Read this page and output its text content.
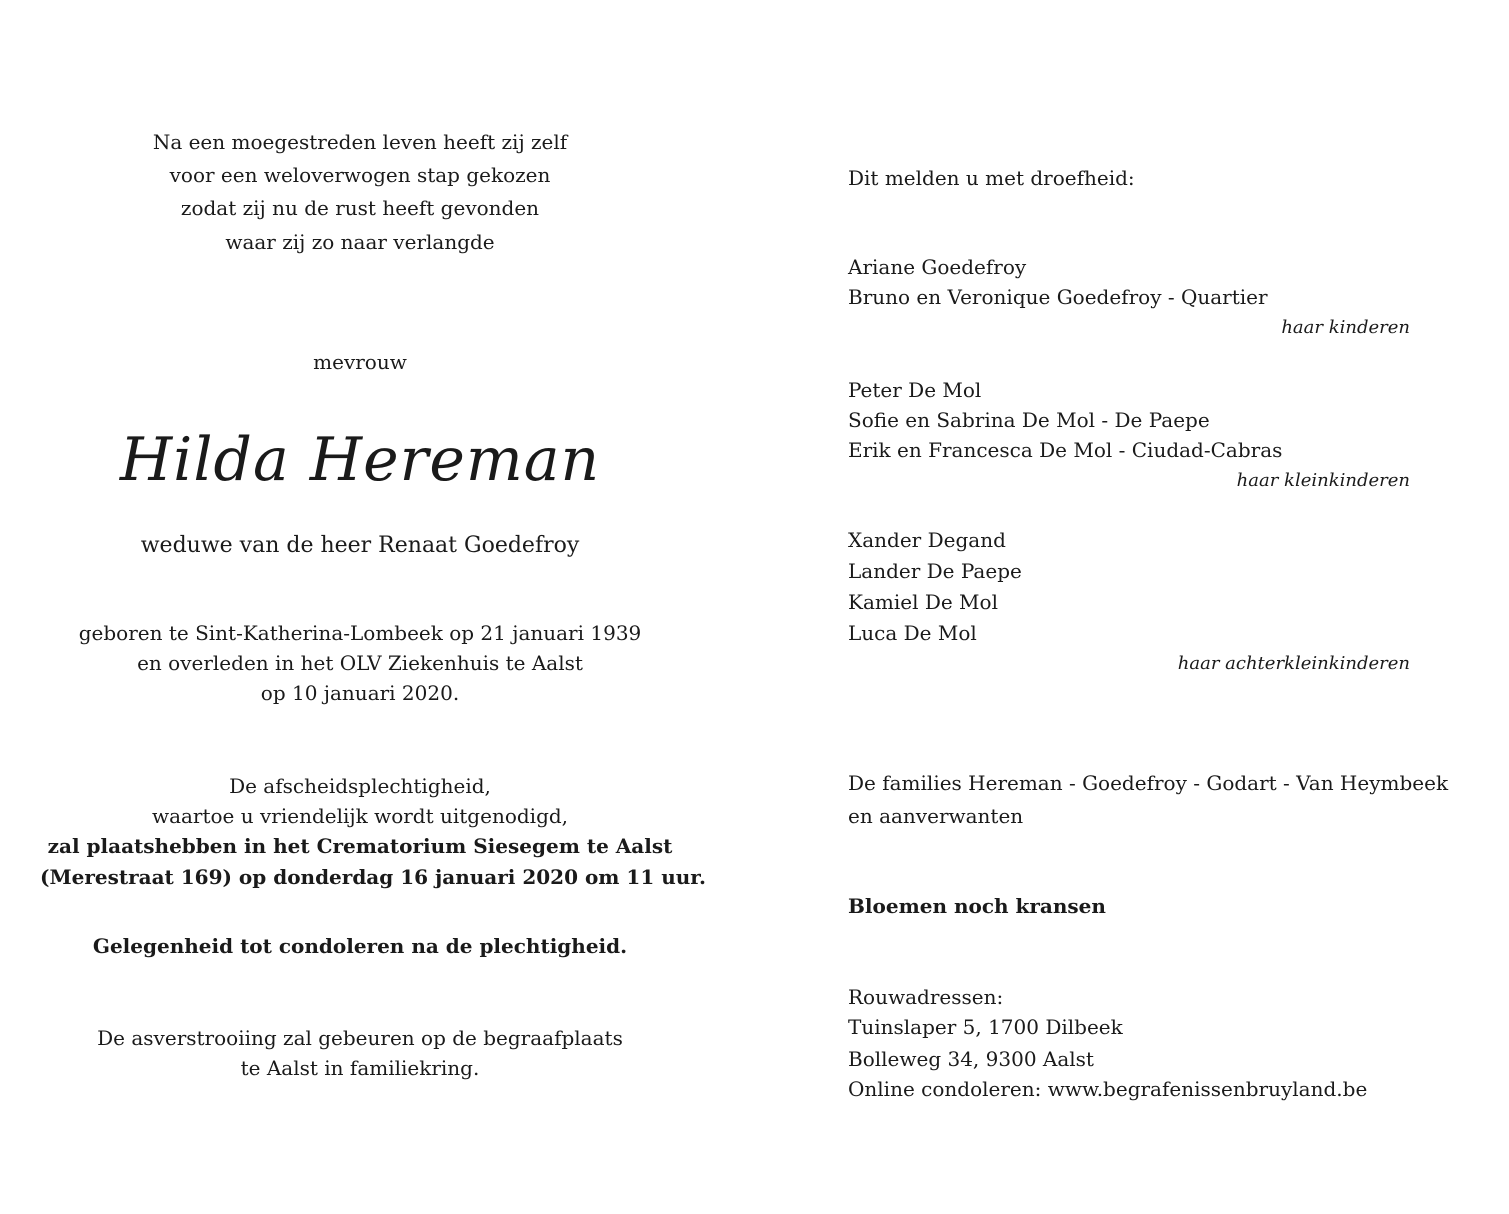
Na een moegestreden leven heeft zij zelf
voor een weloverwogen stap gekozen
zodat zij nu de rust heeft gevonden
waar zij zo naar verlangde
mevrouw
Hilda Hereman
weduwe van de heer Renaat Goedefroy
geboren te Sint-Katherina-Lombeek op 21 januari 1939
en overleden in het OLV Ziekenhuis te Aalst
op 10 januari 2020.
De afscheidsplechtigheid,
waartoe u vriendelijk wordt uitgenodigd,
zal plaatshebben in het Crematorium Siesegem te Aalst
(Merestraat 169) op donderdag 16 januari 2020 om 11 uur.
Gelegenheid tot condoleren na de plechtigheid.
De asverstrooiing zal gebeuren op de begraafplaats
te Aalst in familiekring.
Dit melden u met droefheid:
Ariane Goedefroy
Bruno en Veronique Goedefroy - Quartier
haar kinderen
Peter De Mol
Sofie en Sabrina De Mol - De Paepe
Erik en Francesca De Mol - Ciudad-Cabras
haar kleinkinderen
Xander Degand
Lander De Paepe
Kamiel De Mol
Luca De Mol
haar achterkleinkinderen
De families Hereman - Goedefroy - Godart - Van Heymbeek
en aanverwanten
Bloemen noch kransen
Rouwadressen:
Tuinslaper 5, 1700 Dilbeek
Bolleweg 34, 9300 Aalst
Online condoleren: www.begrafenissenbruyland.be
